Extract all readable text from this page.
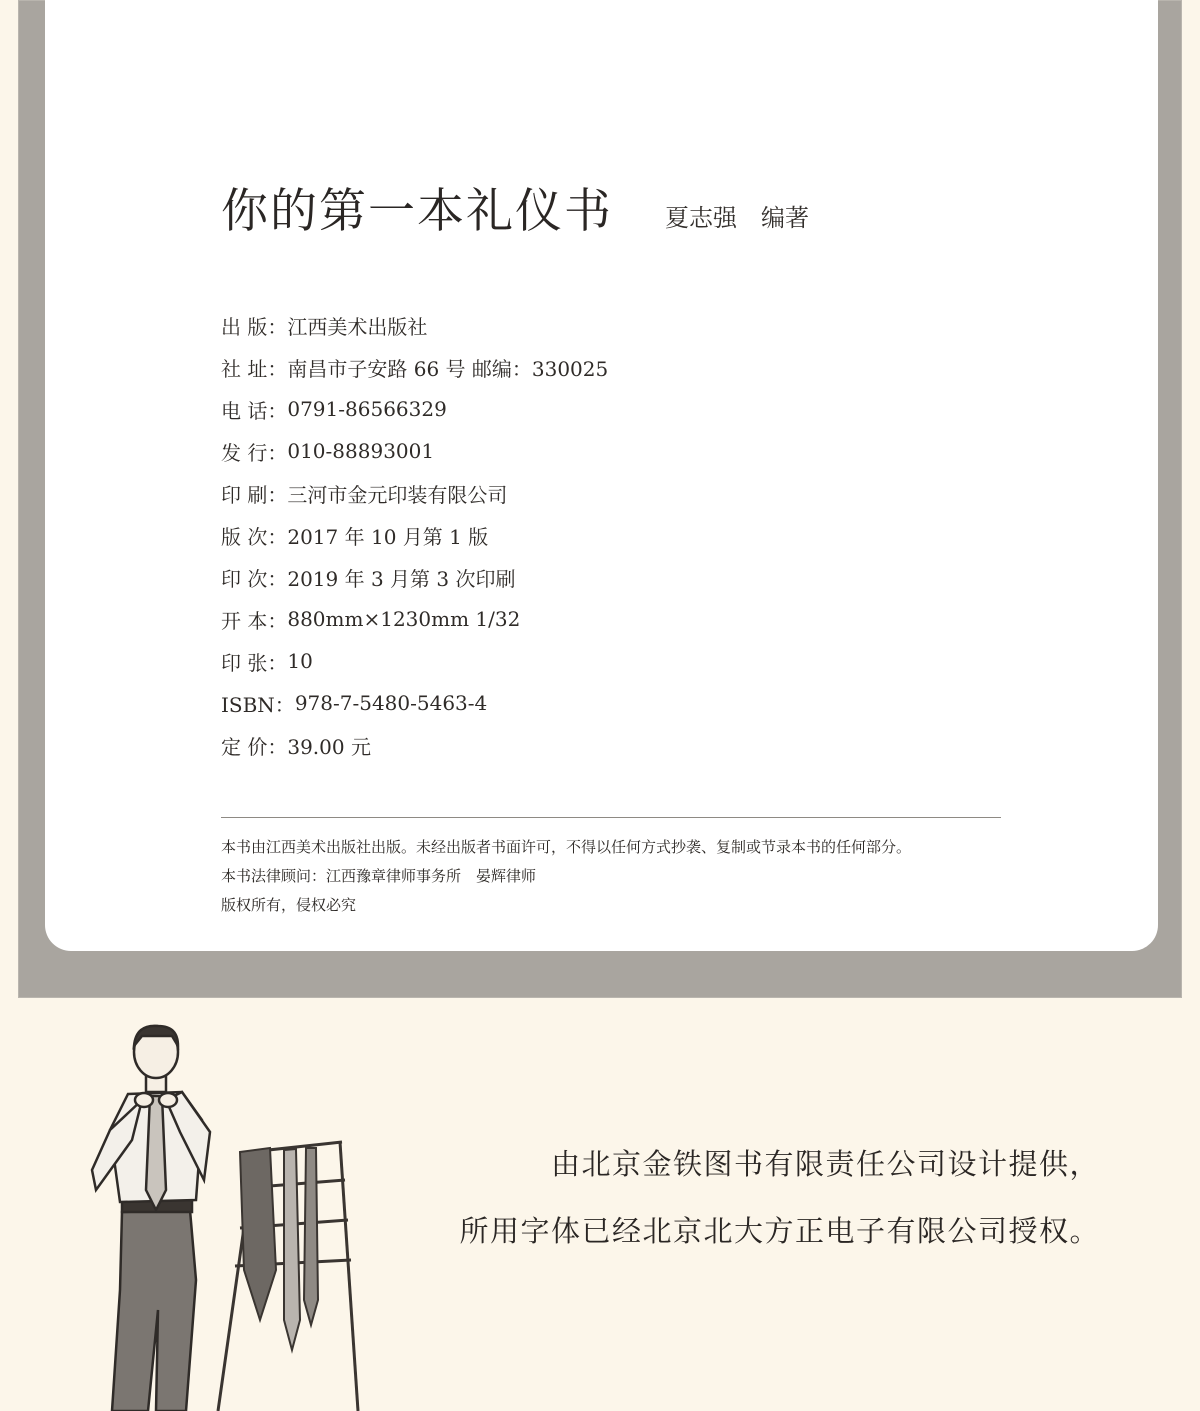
你的第一本礼仪书 夏志强　编著
出 版： 江西美术出版社
社 址： 南昌市子安路 66 号 邮编：330025
电 话： 0791-86566329
发 行： 010-88893001
印 刷： 三河市金元印装有限公司
版 次： 2017 年 10 月第 1 版
印 次： 2019 年 3 月第 3 次印刷
开 本： 880mm×1230mm 1/32
印 张： 10
ISBN： 978-7-5480-5463-4
定 价： 39.00 元
本书由江西美术出版社出版。未经出版者书面许可，不得以任何方式抄袭、复制或节录本书的任何部分。
本书法律顾问：江西豫章律师事务所　晏辉律师
版权所有，侵权必究
由北京金铁图书有限责任公司设计提供，
所用字体已经北京北大方正电子有限公司授权。
